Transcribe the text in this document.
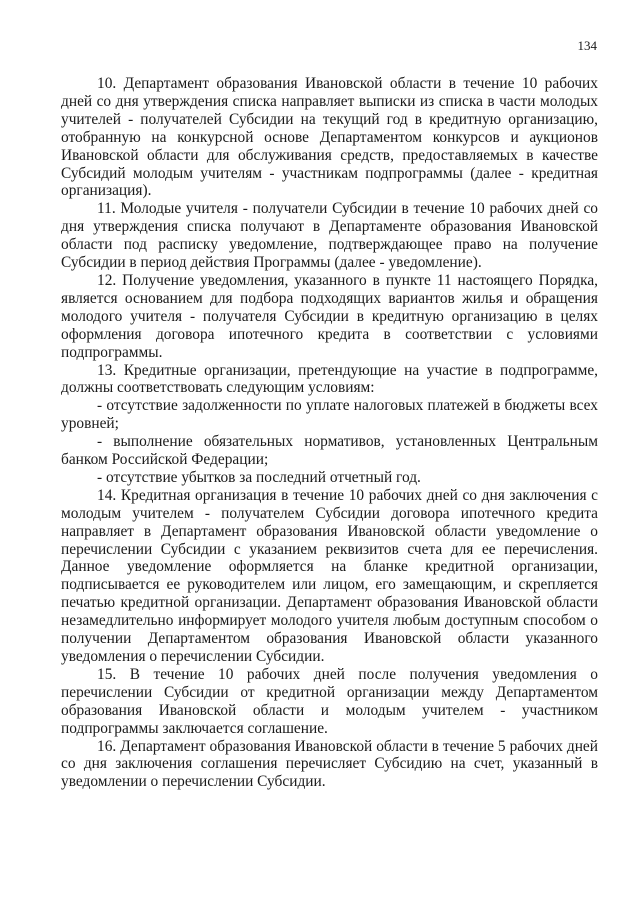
134

10. Департамент образования Ивановской области в течение 10 рабочих дней со дня утверждения списка направляет выписки из списка в части молодых учителей - получателей Субсидии на текущий год в кредитную организацию, отобранную на конкурсной основе Департаментом конкурсов и аукционов Ивановской области для обслуживания средств, предоставляемых в качестве Субсидий молодым учителям - участникам подпрограммы (далее - кредитная организация).

11. Молодые учителя - получатели Субсидии в течение 10 рабочих дней со дня утверждения списка получают в Департаменте образования Ивановской области под расписку уведомление, подтверждающее право на получение Субсидии в период действия Программы (далее - уведомление).

12. Получение уведомления, указанного в пункте 11 настоящего Порядка, является основанием для подбора подходящих вариантов жилья и обращения молодого учителя - получателя Субсидии в кредитную организацию в целях оформления договора ипотечного кредита в соответствии с условиями подпрограммы.

13. Кредитные организации, претендующие на участие в подпрограмме, должны соответствовать следующим условиям:

- отсутствие задолженности по уплате налоговых платежей в бюджеты всех уровней;

- выполнение обязательных нормативов, установленных Центральным банком Российской Федерации;

- отсутствие убытков за последний отчетный год.

14. Кредитная организация в течение 10 рабочих дней со дня заключения с молодым учителем - получателем Субсидии договора ипотечного кредита направляет в Департамент образования Ивановской области уведомление о перечислении Субсидии с указанием реквизитов счета для ее перечисления. Данное уведомление оформляется на бланке кредитной организации, подписывается ее руководителем или лицом, его замещающим, и скрепляется печатью кредитной организации. Департамент образования Ивановской области незамедлительно информирует молодого учителя любым доступным способом о получении Департаментом образования Ивановской области указанного уведомления о перечислении Субсидии.

15. В течение 10 рабочих дней после получения уведомления о перечислении Субсидии от кредитной организации между Департаментом образования Ивановской области и молодым учителем - участником подпрограммы заключается соглашение.

16. Департамент образования Ивановской области в течение 5 рабочих дней со дня заключения соглашения перечисляет Субсидию на счет, указанный в уведомлении о перечислении Субсидии.
